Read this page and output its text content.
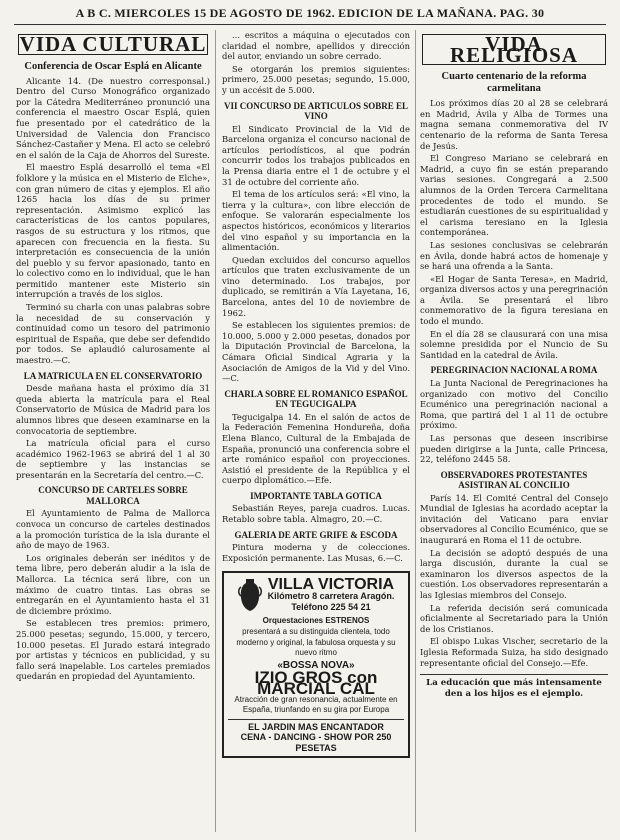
A B C. MIERCOLES 15 DE AGOSTO DE 1962. EDICION DE LA MAÑANA. PAG. 30
VIDA CULTURAL
Conferencia de Oscar Esplá en Alicante

Alicante 14. (De nuestro corresponsal.) Dentro del Curso Monográfico organizado por la Cátedra Mediterráneo pronunció una conferencia el maestro Oscar Esplá, quien fue presentado por el catedrático de la Universidad de Valencia don Francisco Sánchez-Castañer y Mena. El acto se celebró en el salón de la Caja de Ahorros del Sureste.

El maestro Esplá desarrolló el tema «El folklore y la música en el Misterio de Elche», con gran número de citas y ejemplos. El año 1265 hacia los días de su primer representación. Asimismo explicó las características de los cantos populares, rasgos de su estructura y los ritmos, que aparecen con frecuencia en la fiesta. Su interpretación es consecuencia de la unión del pueblo y su fervor apasionado, tanto en lo colectivo como en lo individual, que le han permitido mantener este Misterio sin interrupción a través de los siglos.

Terminó su charla con unas palabras sobre la necesidad de su conservación y continuidad como un tesoro del patrimonio espiritual de España, que debe ser defendido por todos. Se aplaudió calurosamente al maestro.—C.

LA MATRICULA EN EL CONSERVATORIO

Desde mañana hasta el próximo día 31 queda abierta la matrícula para el Real Conservatorio de Música de Madrid para los alumnos libres que deseen examinarse en la convocatoria de septiembre.

La matrícula oficial para el curso académico 1962-1963 se abrirá del 1 al 30 de septiembre y las instancias se presentarán en la Secretaría del centro.—C.

CONCURSO DE CARTELES SOBRE MALLORCA

El Ayuntamiento de Palma de Mallorca convoca un concurso de carteles destinados a la promoción turística de la isla durante el año de mayo de 1963.

Los originales deberán ser inéditos y de tema libre, pero deberán aludir a la isla de Mallorca. La técnica será libre, con un máximo de cuatro tintas. Las obras se entregarán en el Ayuntamiento hasta el 31 de diciembre próximo.

Se establecen tres premios: primero, 25.000 pesetas; segundo, 15.000, y tercero, 10.000 pesetas. El Jurado estará integrado por artistas y técnicos en publicidad, y su fallo será inapelable. Los carteles premiados quedarán en propiedad del Ayuntamiento.

... escritos a máquina o ejecutados con claridad el nombre, apellidos y dirección del autor, enviando un sobre cerrado.

Se otorgarán los premios siguientes: primero, 25.000 pesetas; segundo, 15.000, y un accésit de 5.000.

VII CONCURSO DE ARTICULOS SOBRE EL VINO

El Sindicato Provincial de la Vid de Barcelona organiza el concurso nacional de artículos periodísticos, al que podrán concurrir todos los trabajos publicados en la Prensa diaria entre el 1 de octubre y el 31 de octubre del corriente año.

El tema de los artículos será: «El vino, la tierra y la cultura», con libre elección de enfoque. Se valorarán especialmente los aspectos históricos, económicos y literarios del vino español y su importancia en la alimentación.

Quedan excluidos del concurso aquellos artículos que traten exclusivamente de un vino determinado. Los trabajos, por duplicado, se remitirán a Vía Layetana, 16, Barcelona, antes del 10 de noviembre de 1962.

Se establecen los siguientes premios: de 10.000, 5.000 y 2.000 pesetas, donados por la Diputación Provincial de Barcelona, la Cámara Oficial Sindical Agraria y la Asociación de Amigos de la Vid y del Vino.—C.

CHARLA SOBRE EL ROMANICO ESPAÑOL EN TEGUCIGALPA

Tegucigalpa 14. En el salón de actos de la Federación Femenina Hondureña, doña Elena Blanco, Cultural de la Embajada de España, pronunció una conferencia sobre el arte románico español con proyecciones. Asistió el presidente de la República y el cuerpo diplomático.—Efe.

IMPORTANTE TABLA GOTICA

Sebastián Reyes, pareja cuadros. Lucas. Retablo sobre tabla. Almagro, 20.—C.

GALERIA DE ARTE GRIFE & ESCODA

Pintura moderna y de colecciones. Exposición permanente. Las Musas, 6.—C.

VILLA VICTORIA
Kilómetro 8 carretera Aragón.
Teléfono 225 54 21
Orquestaciones ESTRENOS
presentará a su distinguida clientela, todo moderno y original, la fabulosa orquesta y su nuevo ritmo
«BOSSA NOVA»
IZIO GROS con MARCIAL CAL
Atracción de gran resonancia, actualmente en España, triunfando en su gira por Europa
EL JARDIN MAS ENCANTADOR
CENA - DANCING - SHOW POR 250 PESETAS
VIDA RELIGIOSA
Cuarto centenario de la reforma carmelitana

Los próximos días 20 al 28 se celebrará en Madrid, Ávila y Alba de Tormes una magna semana conmemorativa del IV centenario de la reforma de Santa Teresa de Jesús.

El Congreso Mariano se celebrará en Madrid, a cuyo fin se están preparando varias sesiones. Congregará a 2.500 alumnos de la Orden Tercera Carmelitana procedentes de todo el mundo. Se estudiarán cuestiones de su espiritualidad y el carisma teresiano en la Iglesia contemporánea.

Las sesiones conclusivas se celebrarán en Ávila, donde habrá actos de homenaje y se hará una ofrenda a la Santa.

«El Hogar de Santa Teresa», en Madrid, organiza diversos actos y una peregrinación a Ávila. Se presentará el libro conmemorativo de la figura teresiana en todo el mundo.

En el día 28 se clausurará con una misa solemne presidida por el Nuncio de Su Santidad en la catedral de Ávila.

PEREGRINACION NACIONAL A ROMA

La Junta Nacional de Peregrinaciones ha organizado con motivo del Concilio Ecuménico una peregrinación nacional a Roma, que partirá del 1 al 11 de octubre próximo.

Las personas que deseen inscribirse pueden dirigirse a la Junta, calle Princesa, 22, teléfono 2445 58.

OBSERVADORES PROTESTANTES ASISTIRAN AL CONCILIO

París 14. El Comité Central del Consejo Mundial de Iglesias ha acordado aceptar la invitación del Vaticano para enviar observadores al Concilio Ecuménico, que se inaugurará en Roma el 11 de octubre.

La decisión se adoptó después de una larga discusión, durante la cual se examinaron los diversos aspectos de la cuestión. Los observadores representarán a las Iglesias miembros del Consejo.

La referida decisión será comunicada oficialmente al Secretariado para la Unión de los Cristianos.

El obispo Lukas Vischer, secretario de la Iglesia Reformada Suiza, ha sido designado representante oficial del Consejo.—Efe.

La educación que más intensamente den a los hijos es el ejemplo.
